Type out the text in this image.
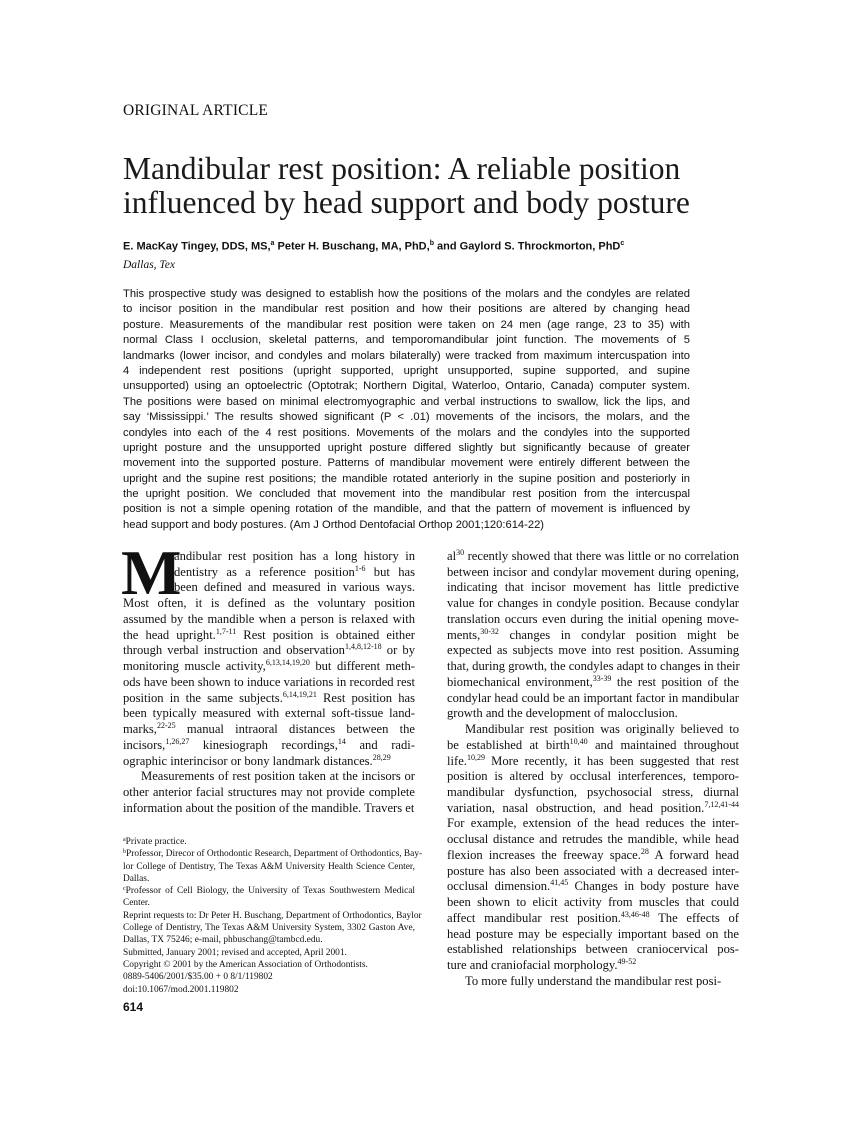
ORIGINAL ARTICLE
Mandibular rest position: A reliable position
influenced by head support and body posture
E. MacKay Tingey, DDS, MS,$^a$ Peter H. Buschang, MA, PhD,$^b$ and Gaylord S. Throckmorton, PhD$^c$
Dallas, Tex
This prospective study was designed to establish how the positions of the molars and the condyles are related
to incisor position in the mandibular rest position and how their positions are altered by changing head
posture. Measurements of the mandibular rest position were taken on 24 men (age range, 23 to 35) with
normal Class I occlusion, skeletal patterns, and temporomandibular joint function. The movements of 5
landmarks (lower incisor, and condyles and molars bilaterally) were tracked from maximum intercuspation into
4 independent rest positions (upright supported, upright unsupported, supine supported, and supine
unsupported) using an optoelectric (Optotrak; Northern Digital, Waterloo, Ontario, Canada) computer system.
The positions were based on minimal electromyographic and verbal instructions to swallow, lick the lips, and
say ‘Mississippi.’ The results showed significant (P < .01) movements of the incisors, the molars, and the
condyles into each of the 4 rest positions. Movements of the molars and the condyles into the supported
upright posture and the unsupported upright posture differed slightly but significantly because of greater
movement into the supported posture. Patterns of mandibular movement were entirely different between the
upright and the supine rest positions; the mandible rotated anteriorly in the supine position and posteriorly in
the upright position. We concluded that movement into the mandibular rest position from the intercuspal
position is not a simple opening rotation of the mandible, and that the pattern of movement is influenced by
head support and body postures. (Am J Orthod Dentofacial Orthop 2001;120:614-22)
M
andibular rest position has a long history in
dentistry as a reference position$^{1-6}$ but has
been defined and measured in various ways.
Most often, it is defined as the voluntary position
assumed by the mandible when a person is relaxed with
the head upright.$^{1,7-11}$ Rest position is obtained either
through verbal instruction and observation$^{1,4,8,12-18}$ or by
monitoring muscle activity,$^{6,13,14,19,20}$ but different meth-
ods have been shown to induce variations in recorded rest
position in the same subjects.$^{6,14,19,21}$ Rest position has
been typically measured with external soft-tissue land-
marks,$^{22-25}$ manual intraoral distances between the
incisors,$^{1,26,27}$ kinesiograph recordings,$^{14}$ and radi-
ographic interincisor or bony landmark distances.$^{28,29}$
Measurements of rest position taken at the incisors or
other anterior facial structures may not provide complete
information about the position of the mandible. Travers et
$^a$Private practice.
$^b$Professor, Direcor of Orthodontic Research, Department of Orthodontics, Bay-
lor College of Dentistry, The Texas A&M University Health Science Center,
Dallas.
$^c$Professor of Cell Biology, the University of Texas Southwestern Medical
Center.
Reprint requests to: Dr Peter H. Buschang, Department of Orthodontics, Baylor
College of Dentistry, The Texas A&M University System, 3302 Gaston Ave,
Dallas, TX 75246; e-mail, phbuschang@tambcd.edu.
Submitted, January 2001; revised and accepted, April 2001.
Copyright © 2001 by the American Association of Orthodontists.
0889-5406/2001/$35.00 + 0 8/1/119802
doi:10.1067/mod.2001.119802
614
$al^{30}$ recently showed that there was little or no correlation
between incisor and condylar movement during opening,
indicating that incisor movement has little predictive
value for changes in condyle position. Because condylar
translation occurs even during the initial opening move-
ments,$^{30-32}$ changes in condylar position might be
expected as subjects move into rest position. Assuming
that, during growth, the condyles adapt to changes in their
biomechanical environment,$^{33-39}$ the rest position of the
condylar head could be an important factor in mandibular
growth and the development of malocclusion.
Mandibular rest position was originally believed to
be established at birth$^{10,40}$ and maintained throughout
life.$^{10,29}$ More recently, it has been suggested that rest
position is altered by occlusal interferences, temporo-
mandibular dysfunction, psychosocial stress, diurnal
variation, nasal obstruction, and head position.$^{7,12,41-44}$
For example, extension of the head reduces the inter-
occlusal distance and retrudes the mandible, while head
flexion increases the freeway space.$^{28}$ A forward head
posture has also been associated with a decreased inter-
occlusal dimension.$^{41,45}$ Changes in body posture have
been shown to elicit activity from muscles that could
affect mandibular rest position.$^{43,46-48}$ The effects of
head posture may be especially important based on the
established relationships between craniocervical pos-
ture and craniofacial morphology.$^{49-52}$
To more fully understand the mandibular rest posi-
